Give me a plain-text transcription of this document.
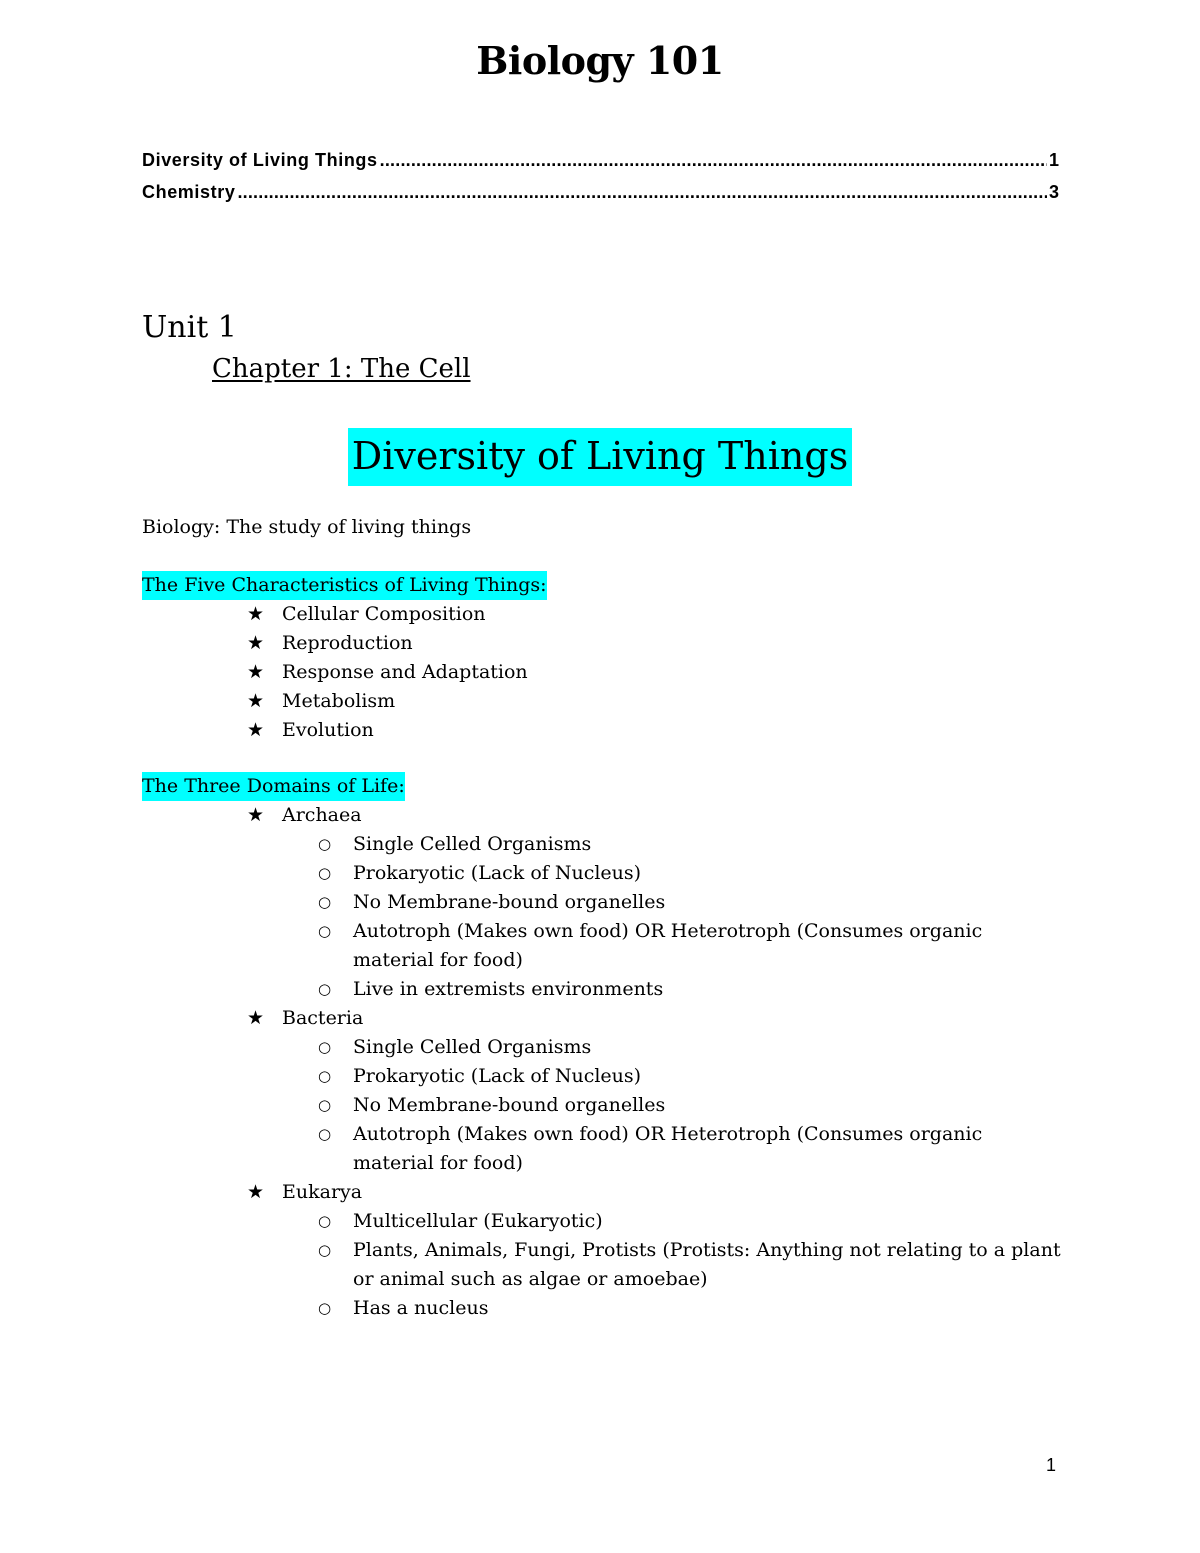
Biology 101
Diversity of Living Things .....	1
Chemistry .....	3
Unit 1
Chapter 1: The Cell
Diversity of Living Things
Biology: The study of living things
The Five Characteristics of Living Things:
★ Cellular Composition
★ Reproduction
★ Response and Adaptation
★ Metabolism
★ Evolution
The Three Domains of Life:
★ Archaea
○ Single Celled Organisms
○ Prokaryotic (Lack of Nucleus)
○ No Membrane-bound organelles
○ Autotroph (Makes own food) OR Heterotroph (Consumes organic material for food)
○ Live in extremists environments
★ Bacteria
○ Single Celled Organisms
○ Prokaryotic (Lack of Nucleus)
○ No Membrane-bound organelles
○ Autotroph (Makes own food) OR Heterotroph (Consumes organic material for food)
★ Eukarya
○ Multicellular (Eukaryotic)
○ Plants, Animals, Fungi, Protists (Protists: Anything not relating to a plant or animal such as algae or amoebae)
○ Has a nucleus
1
